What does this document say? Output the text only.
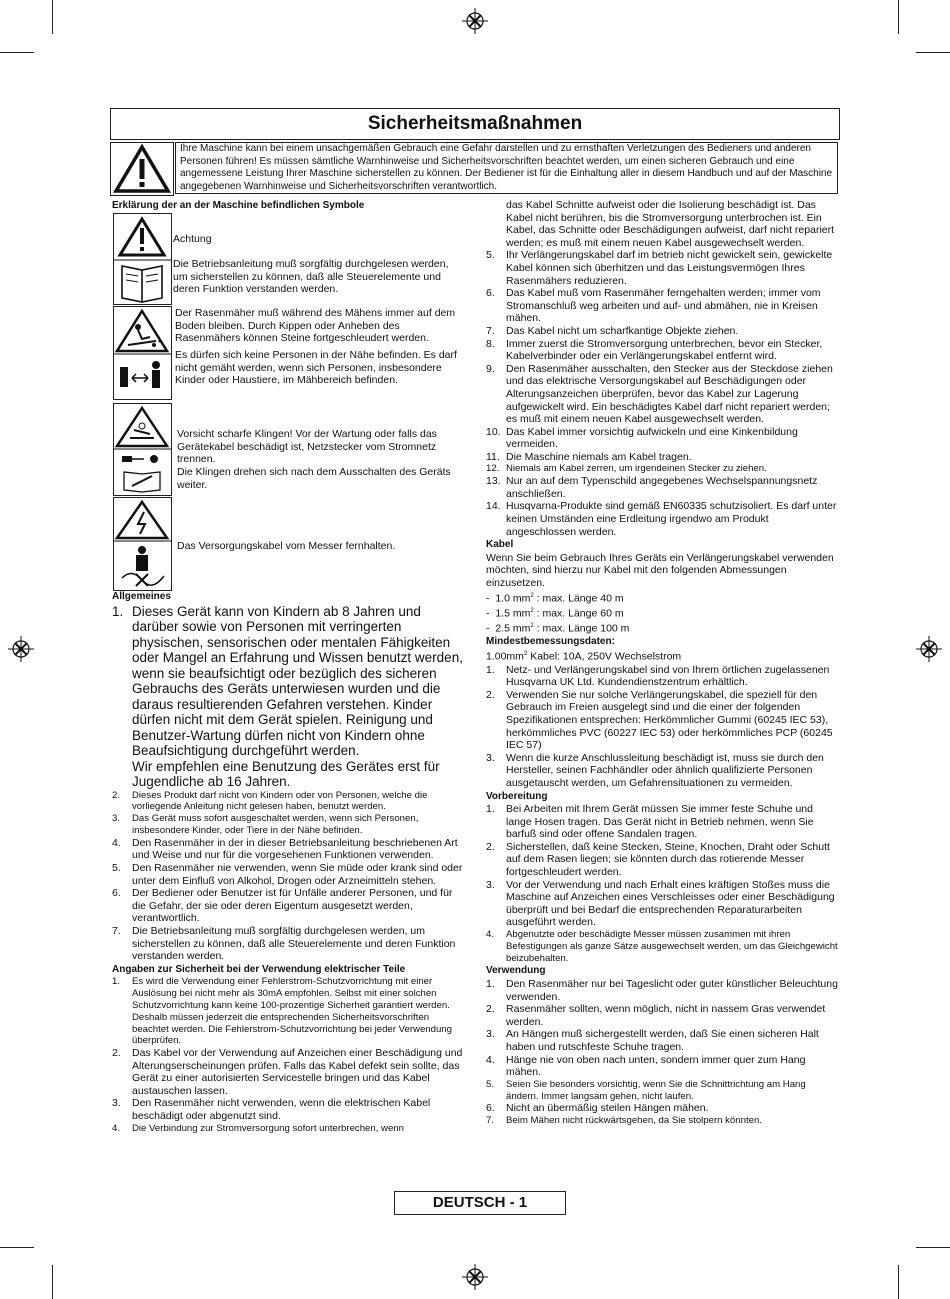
Sicherheitsmaßnahmen
Ihre Maschine kann bei einem unsachgemäßen Gebrauch eine Gefahr darstellen und zu ernsthaften Verletzungen des Bedieners und anderen Personen führen! Es müssen sämtliche Warnhinweise und Sicherheitsvorschriften beachtet werden, um einen sicheren Gebrauch und eine angemessene Leistung Ihrer Maschine sicherstellen zu können. Der Bediener ist für die Einhaltung aller in diesem Handbuch und auf der Maschine angegebenen Warnhinweise und Sicherheitsvorschriften verantwortlich.
Erklärung der an der Maschine befindlichen Symbole
Achtung
Die Betriebsanleitung muß sorgfältig durchgelesen werden, um sicherstellen zu können, daß alle Steuerelemente und deren Funktion verstanden werden.
Der Rasenmäher muß während des Mähens immer auf dem Boden bleiben. Durch Kippen oder Anheben des Rasenmähers können Steine fortgeschleudert werden.
Es dürfen sich keine Personen in der Nähe befinden. Es darf nicht gemäht werden, wenn sich Personen, insbesondere Kinder oder Haustiere, im Mähbereich befinden.
Vorsicht scharfe Klingen! Vor der Wartung oder falls das Gerätekabel beschädigt ist, Netzstecker vom Stromnetz trennen.
Die Klingen drehen sich nach dem Ausschalten des Geräts weiter.
Das Versorgungskabel vom Messer fernhalten.
Allgemeines
1. Dieses Gerät kann von Kindern ab 8 Jahren und darüber sowie von Personen mit verringerten physischen, sensorischen oder mentalen Fähigkeiten oder Mangel an Erfahrung und Wissen benutzt werden, wenn sie beaufsichtigt oder bezüglich des sicheren Gebrauchs des Geräts unterwiesen wurden und die daraus resultierenden Gefahren verstehen. Kinder dürfen nicht mit dem Gerät spielen. Reinigung und Benutzer-Wartung dürfen nicht von Kindern ohne Beaufsichtigung durchgeführt werden.
Wir empfehlen eine Benutzung des Gerätes erst für Jugendliche ab 16 Jahren.
2.	Dieses Produkt darf nicht von Kindern oder von Personen, welche die vorliegende Anleitung nicht gelesen haben, benutzt werden.
3.	Das Gerät muss sofort ausgeschaltet werden, wenn sich Personen, insbesondere Kinder, oder Tiere in der Nähe befinden.
4.	Den Rasenmäher in der in dieser Betriebsanleitung beschriebenen Art und Weise und nur für die vorgesehenen Funktionen verwenden.
5.	Den Rasenmäher nie verwenden, wenn Sie müde oder krank sind oder unter dem Einfluß von Alkohol, Drogen oder Arzneimitteln stehen.
6.	Der Bediener oder Benutzer ist für Unfälle anderer Personen, und für die Gefahr, der sie oder deren Eigentum ausgesetzt werden, verantwortlich.
7.	Die Betriebsanleitung muß sorgfältig durchgelesen werden, um sicherstellen zu können, daß alle Steuerelemente und deren Funktion verstanden werden.
Angaben zur Sicherheit bei der Verwendung elektrischer Teile
1.	Es wird die Verwendung einer Fehlerstrom-Schutzvorrichtung mit einer Auslösung bei nicht mehr als 30mA empfohlen. Selbst mit einer solchen Schutzvorrichtung kann keine 100-prozentige Sicherheit garantiert werden. Deshalb müssen jederzeit die entsprechenden Sicherheitsvorschriften beachtet werden. Die Fehlerstrom-Schutzvorrichtung bei jeder Verwendung überprüfen.
2.	Das Kabel vor der Verwendung auf Anzeichen einer Beschädigung und Alterungserscheinungen prüfen. Falls das Kabel defekt sein sollte, das Gerät zu einer autorisierten Servicestelle bringen und das Kabel austauschen lassen.
3.	Den Rasenmäher nicht verwenden, wenn die elektrischen Kabel beschädigt oder abgenutzt sind.
4.	Die Verbindung zur Stromversorgung sofort unterbrechen, wenn
das Kabel Schnitte aufweist oder die Isolierung beschädigt ist. Das Kabel nicht berühren, bis die Stromversorgung unterbrochen ist. Ein Kabel, das Schnitte oder Beschädigungen aufweist, darf nicht repariert werden; es muß mit einem neuen Kabel ausgewechselt werden.
5.	Ihr Verlängerungskabel darf im betrieb nicht gewickelt sein, gewickelte Kabel können sich überhitzen und das Leistungsvermögen Ihres Rasenmähers reduzieren.
6.	Das Kabel muß vom Rasenmäher ferngehalten werden; immer vom Stromanschluß weg arbeiten und auf- und abmähen, nie in Kreisen mähen.
7.	Das Kabel nicht um scharfkantige Objekte ziehen.
8.	Immer zuerst die Stromversorgung unterbrechen, bevor ein Stecker, Kabelverbinder oder ein Verlängerungskabel entfernt wird.
9.	Den Rasenmäher ausschalten, den Stecker aus der Steckdose ziehen und das elektrische Versorgungskabel auf Beschädigungen oder Alterungsanzeichen überprüfen, bevor das Kabel zur Lagerung aufgewickelt wird. Ein beschädigtes Kabel darf nicht repariert werden; es muß mit einem neuen Kabel ausgewechselt werden.
10. Das Kabel immer vorsichtig aufwickeln und eine Kinkenbildung vermeiden.
11. Die Maschine niemals am Kabel tragen.
12. Niemals am Kabel zerren, um irgendeinen Stecker zu ziehen.
13. Nur an auf dem Typenschild angegebenes Wechselspannungsnetz anschließen.
14. Husqvarna-Produkte sind gemäß EN60335 schutzisoliert. Es darf unter keinen Umständen eine Erdleitung irgendwo am Produkt angeschlossen werden.
Kabel
Wenn Sie beim Gebrauch Ihres Geräts ein Verlängerungskabel verwenden möchten, sind hierzu nur Kabel mit den folgenden Abmessungen einzusetzen.
-  1.0 $mm^2$ : max. Länge 40 m
-  1.5 $mm^2$ : max. Länge 60 m
-  2.5 $mm^2$ : max. Länge 100 m
Mindestbemessungsdaten:
$1.00mm^2$ Kabel: 10A, 250V Wechselstrom
1.	Netz- und Verlängerungskabel sind von Ihrem örtlichen zugelassenen Husqvarna UK Ltd. Kundendienstzentrum erhältlich.
2.	Verwenden Sie nur solche Verlängerungskabel, die speziell für den Gebrauch im Freien ausgelegt sind und die einer der folgenden Spezifikationen entsprechen: Herkömmlicher Gummi (60245 IEC 53), herkömmliches PVC (60227 IEC 53) oder herkömmliches PCP (60245 IEC 57)
3.	Wenn die kurze Anschlussleitung beschädigt ist, muss sie durch den Hersteller, seinen Fachhändler oder ähnlich qualifizierte Personen ausgetauscht werden, um Gefahrensituationen zu vermeiden.
Vorbereitung
1.	Bei Arbeiten mit Ihrem Gerät müssen Sie immer feste Schuhe und lange Hosen tragen. Das Gerät nicht in Betrieb nehmen, wenn Sie barfuß sind oder offene Sandalen tragen.
2.	Sicherstellen, daß keine Stecken, Steine, Knochen, Draht oder Schutt auf dem Rasen liegen; sie könnten durch das rotierende Messer fortgeschleudert werden.
3.	Vor der Verwendung und nach Erhalt eines kräftigen Stoßes muss die Maschine auf Anzeichen eines Verschleisses oder einer Beschädigung überprüft und bei Bedarf die entsprechenden Reparaturarbeiten ausgeführt werden.
4.	Abgenutzte oder beschädigte Messer müssen zusammen mit ihren Befestigungen als ganze Sätze ausgewechselt werden, um das Gleichgewicht beizubehalten.
Verwendung
1.	Den Rasenmäher nur bei Tageslicht oder guter künstlicher Beleuchtung verwenden.
2.	Rasenmäher sollten, wenn möglich, nicht in nassem Gras verwendet werden.
3.	An Hängen muß sichergestellt werden, daß Sie einen sicheren Halt haben und rutschfeste Schuhe tragen.
4.	Hänge nie von oben nach unten, sondern immer quer zum Hang mähen.
5.	Seien Sie besonders vorsichtig, wenn Sie die Schnittrichtung am Hang ändern. Immer langsam gehen, nicht laufen.
6.	Nicht an übermäßig steilen Hängen mähen.
7.	Beim Mähen nicht rückwärtsgehen, da Sie stolpern könnten.
DEUTSCH - 1
